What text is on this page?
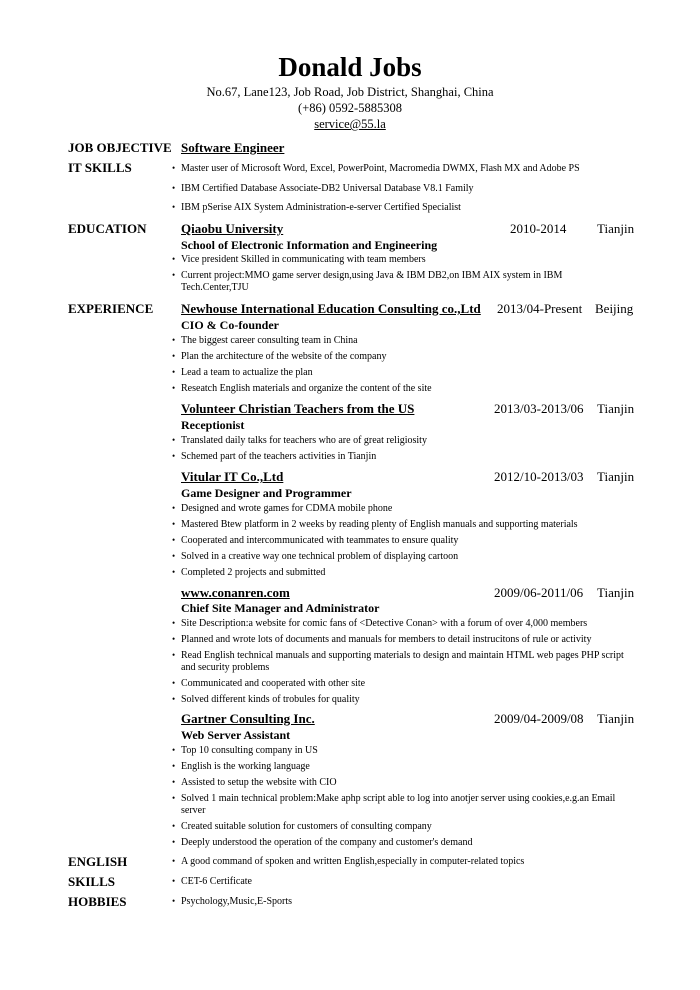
Donald Jobs
No.67, Lane123, Job Road, Job District, Shanghai, China
(+86) 0592-5885308
service@55.la
JOB OBJECTIVE Software Engineer
IT SKILLS	• Master user of Microsoft Word, Excel, PowerPoint, Macromedia DWMX, Flash MX and Adobe PS
• IBM Certified Database Associate-DB2 Universal Database V8.1 Family
• IBM pSerise AIX System Administration-e-server Certified Specialist
EDUCATION	Qiaobu University	2010-2014 Tianjin
School of Electronic Information and Engineering
• Vice president Skilled in communicating with team members
• Current project:MMO game server design,using Java & IBM DB2,on IBM AIX system in IBM Tech.Center,TJU
EXPERIENCE Newhouse International Education Consulting co.,Ltd 2013/04-Present Beijing
CIO & Co-founder
• The biggest career consulting team in China
• Plan the architecture of the website of the company
• Lead a team to actualize the plan
• Reseatch English materials and organize the content of the site
Volunteer Christian Teachers from the US	2013/03-2013/06 Tianjin
Receptionist
• Translated daily talks for teachers who are of great religiosity
• Schemed part of the teachers activities in Tianjin
Vitular IT Co.,Ltd	2012/10-2013/03 Tianjin
Game Designer and Programmer
• Designed and wrote games for CDMA mobile phone
• Mastered Btew platform in 2 weeks by reading plenty of English manuals and supporting materials
• Cooperated and intercommunicated with teammates to ensure quality
• Solved in a creative way one technical problem of displaying cartoon
• Completed 2 projects and submitted
www.conanren.com	2009/06-2011/06 Tianjin
Chief Site Manager and Administrator
• Site Description:a website for comic fans of <Detective Conan> with a forum of over 4,000 members
• Planned and wrote lots of documents and manuals for members to detail instrucitons of rule or activity
• Read English technical manuals and supporting materials to design and maintain HTML web pages PHP script and security problems
• Communicated and cooperated with other site
• Solved different kinds of trobules for quality
Gartner Consulting Inc.	2009/04-2009/08 Tianjin
Web Server Assistant
• Top 10 consulting company in US
• English is the working language
• Assisted to setup the website with CIO
• Solved 1 main technical problem:Make aphp script able to log into anotjer server using cookies,e.g.an Email server
• Created suitable solution for customers of consulting company
• Deeply understood the operation of the company and customer's demand
ENGLISH	• A good command of spoken and written English,especially in computer-related topics
SKILLS	• CET-6 Certificate
HOBBIES	• Psychology,Music,E-Sports
